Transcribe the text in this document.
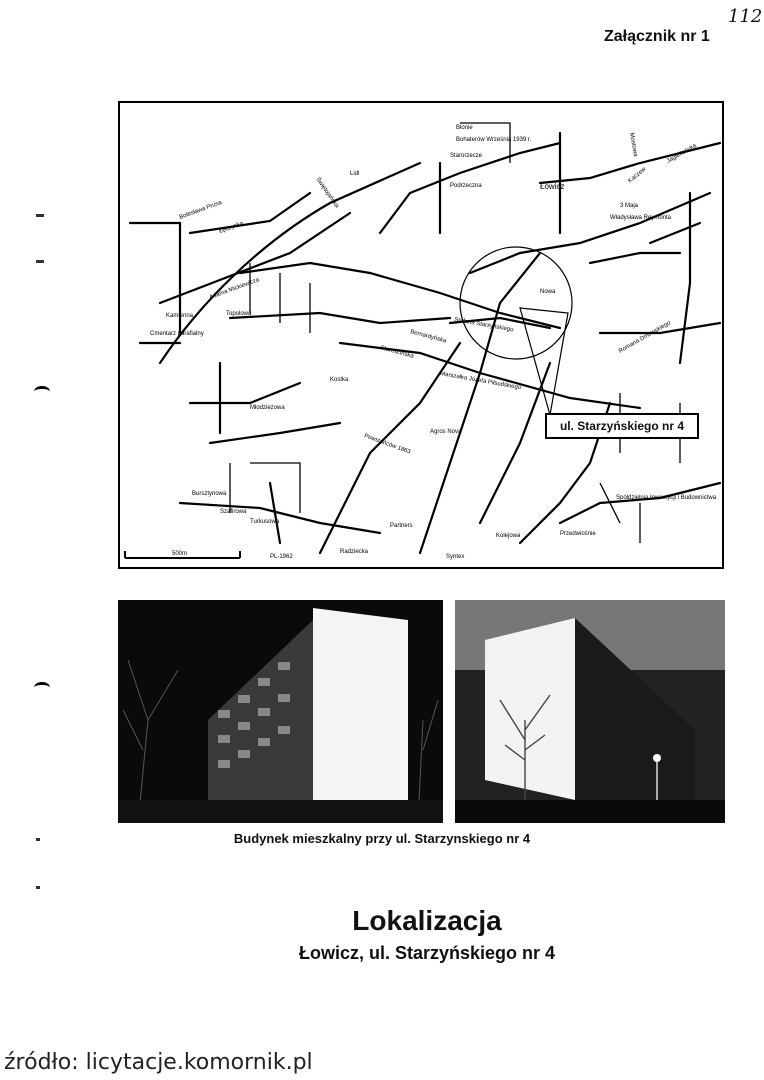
Załącznik nr 1
112
500m	PL-1962
Błonie
Bohaterów Września 1939 r.
Starorzecze
Podrzeczna	Łowicz
Mostowa	Jagiellońska
Kaczew
3 Maja
Władysława Reymonta
Lidl
Świętojańska
Bolesława Prusa
Łęczycka
Adama Mickiewicza
Kamienna	Topolowa
Staroscińska
Bernardyńska
Marszałka Józefa Piłsudskiego
Stefana Starzyńskiego
Nowa
Romana Dmowskiego
Kostka
Agros Nova
Młodzieżowa
Powstańców 1863
Bursztynowa
Szafirowa
Turkusowa
Partners
Syntex
Spółdzielnia Inwestycji i Budownictwa
Przedwiośnie
Kolejowa
Radziecka
Cmentarz parafialny
ul. Starzyńskiego nr 4
Budynek mieszkalny przy ul. Starzynskiego nr 4
Lokalizacja
Łowicz, ul. Starzyńskiego nr 4
źródło: licytacje.komornik.pl
